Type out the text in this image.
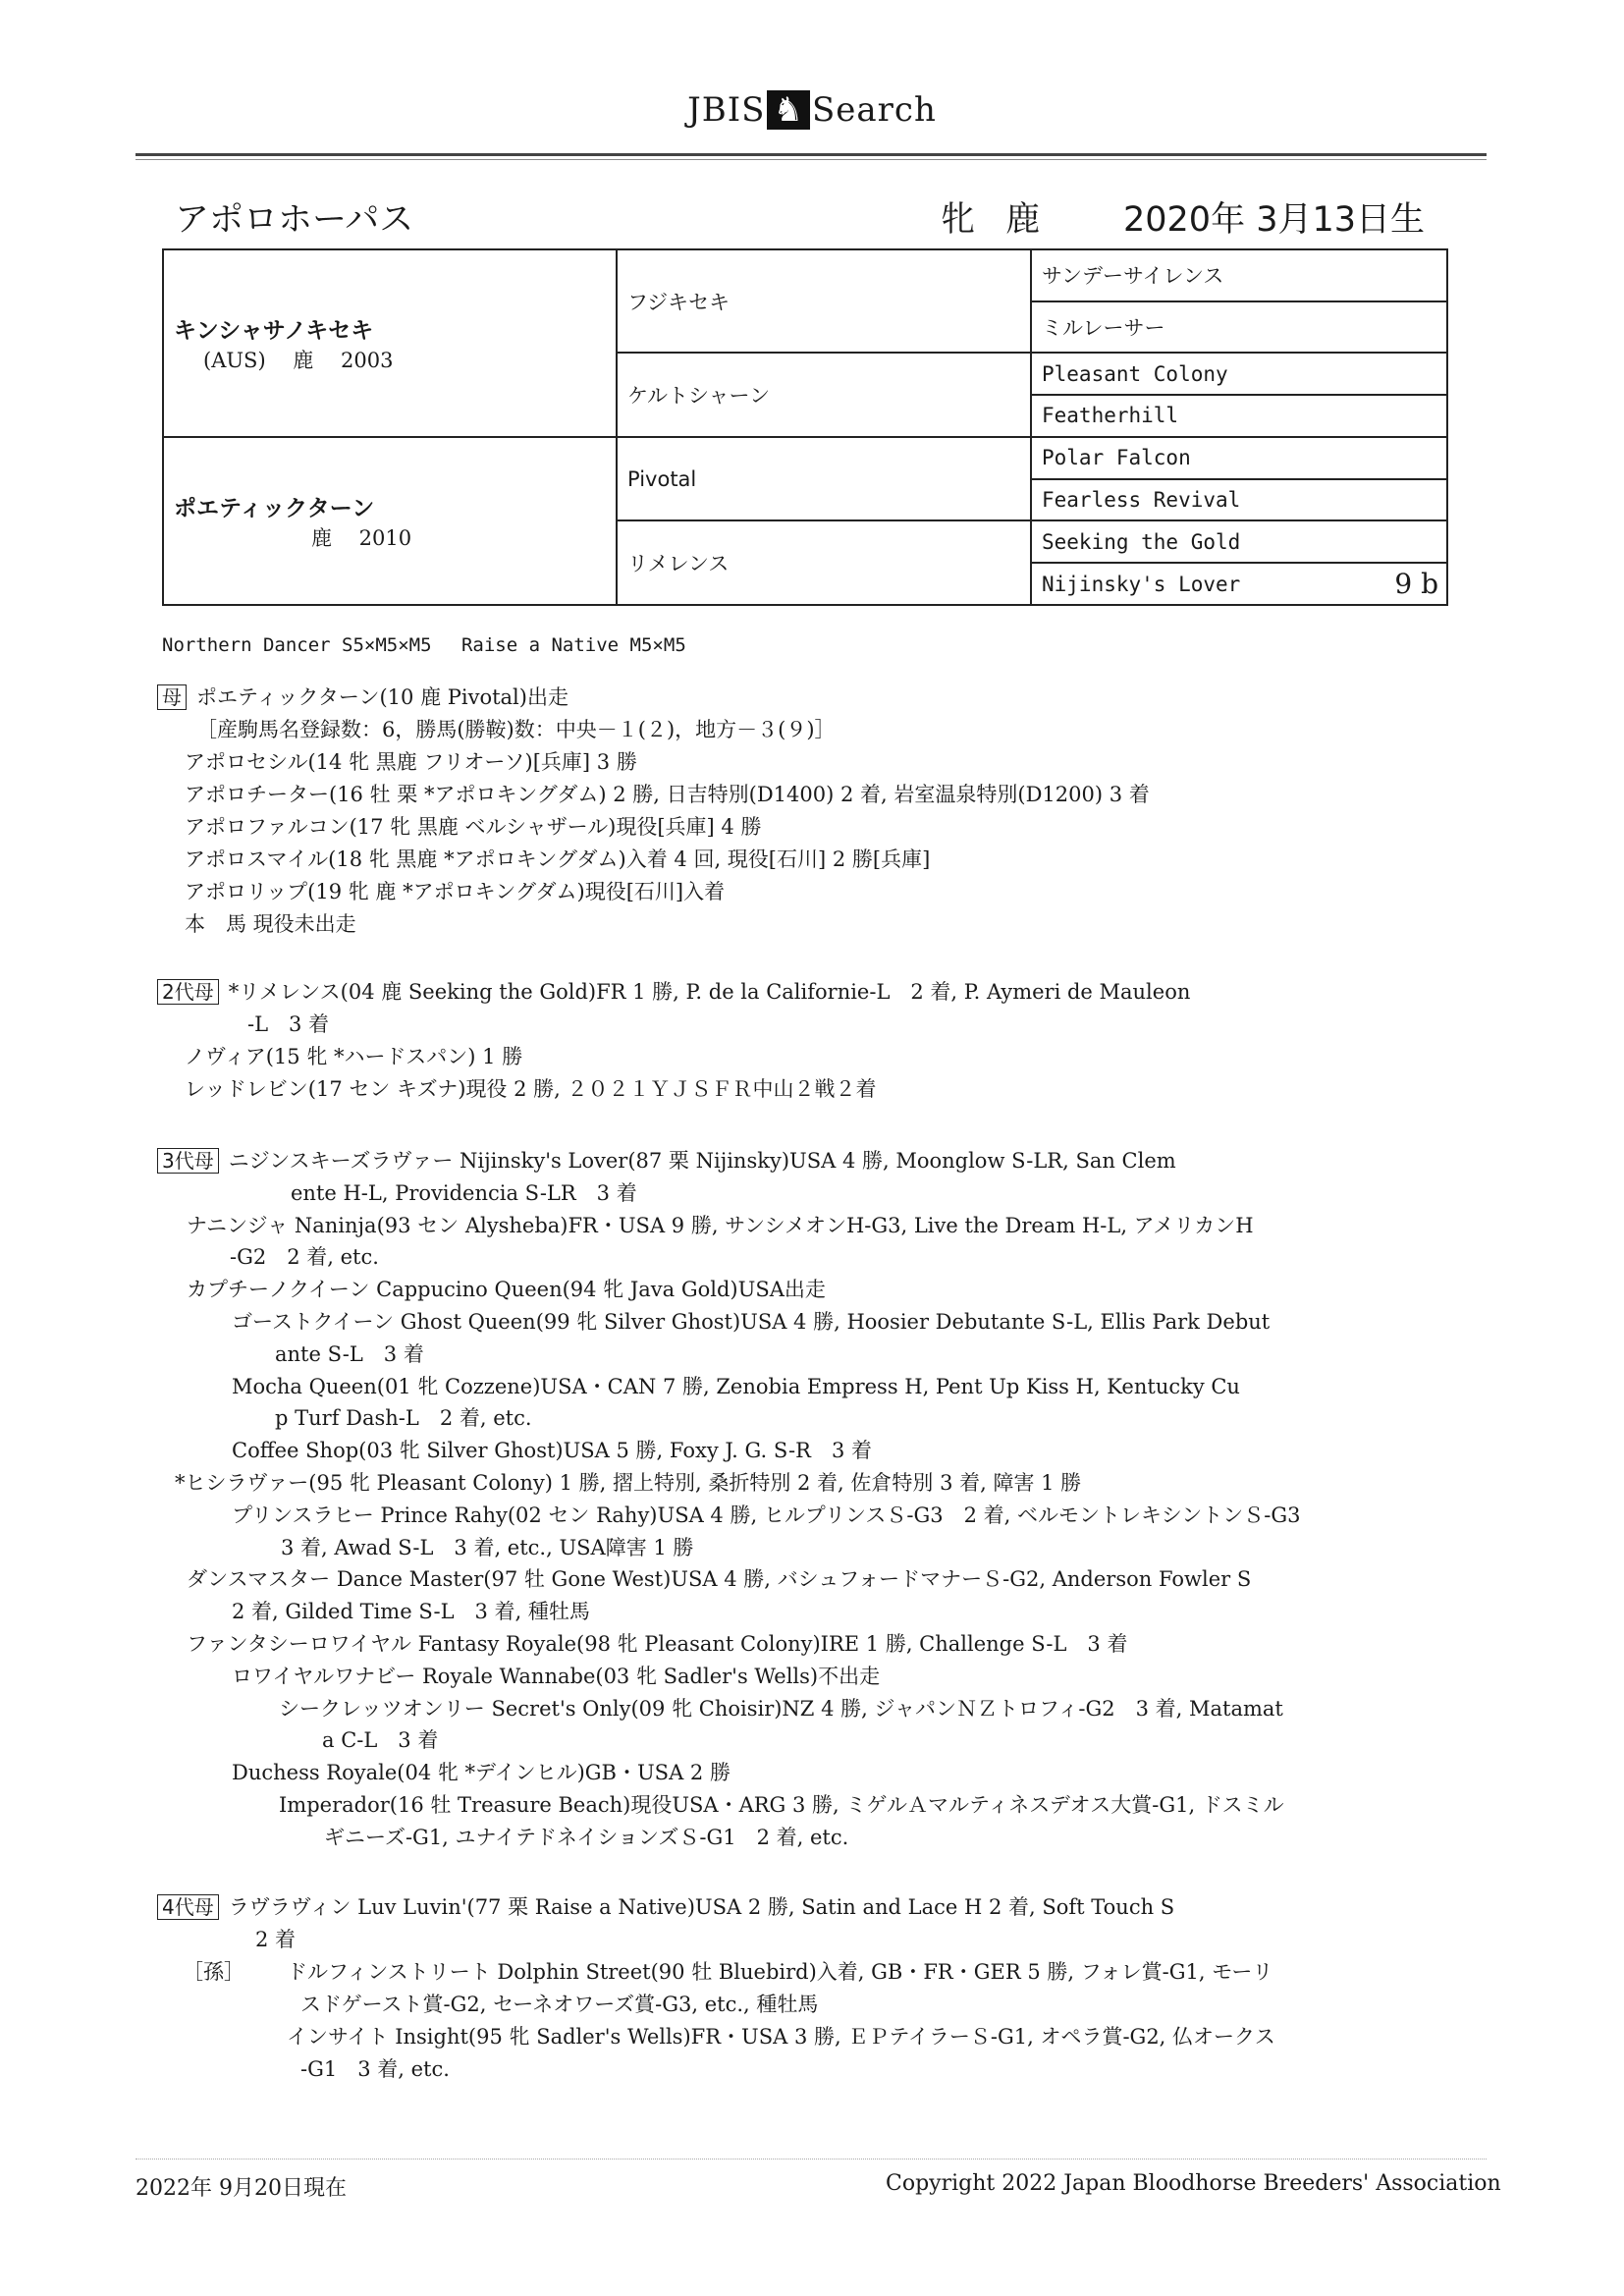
JBIS ♞ Search
アポロホーパス	牝 鹿 2020年 3月13日生
キンシャサノキセキ
(AUS)　 鹿　 2003	フジキセキ	サンデーサイレンス
		ミルレーサー
	ケルトシャーン	Pleasant Colony
		Featherhill

ポエティックターン
鹿　 2010	Pivotal	Polar Falcon
		Fearless Revival
	リメレンス	Seeking the Gold
		Nijinsky's Lover 9 b
Northern Dancer S5×M5×M5　 Raise a Native M5×M5
母 ポエティックターン(10 鹿 Pivotal)出走
［産駒馬名登録数：6，勝馬(勝鞍)数：中央－１(２)，地方－３(９)］
アポロセシル(14 牝 黒鹿 フリオーソ)[兵庫] 3 勝
アポロチーター(16 牡 栗 *アポロキングダム) 2 勝, 日吉特別(D1400) 2 着, 岩室温泉特別(D1200) 3 着
アポロファルコン(17 牝 黒鹿 ベルシャザール)現役[兵庫] 4 勝
アポロスマイル(18 牝 黒鹿 *アポロキングダム)入着 4 回, 現役[石川] 2 勝[兵庫]
アポロリップ(19 牝 鹿 *アポロキングダム)現役[石川]入着
本　馬 現役未出走
2代母 *リメレンス(04 鹿 Seeking the Gold)FR 1 勝, P. de la Californie-L　2 着, P. Aymeri de Mauleon
-L　3 着
ノヴィア(15 牝 *ハードスパン) 1 勝
レッドレビン(17 セン キズナ)現役 2 勝, ２０２１ＹＪＳＦＲ中山２戦２着
3代母 ニジンスキーズラヴァー Nijinsky's Lover(87 栗 Nijinsky)USA 4 勝, Moonglow S-LR, San Clem
ente H-L, Providencia S-LR　3 着
ナニンジャ Naninja(93 セン Alysheba)FR・USA 9 勝, サンシメオンH-G3, Live the Dream H-L, アメリカンH
-G2　2 着, etc.
カプチーノクイーン Cappucino Queen(94 牝 Java Gold)USA出走
ゴーストクイーン Ghost Queen(99 牝 Silver Ghost)USA 4 勝, Hoosier Debutante S-L, Ellis Park Debut
ante S-L　3 着
Mocha Queen(01 牝 Cozzene)USA・CAN 7 勝, Zenobia Empress H, Pent Up Kiss H, Kentucky Cu
p Turf Dash-L　2 着, etc.
Coffee Shop(03 牝 Silver Ghost)USA 5 勝, Foxy J. G. S-R　3 着
*ヒシラヴァー(95 牝 Pleasant Colony) 1 勝, 摺上特別, 桑折特別 2 着, 佐倉特別 3 着, 障害 1 勝
プリンスラヒー Prince Rahy(02 セン Rahy)USA 4 勝, ヒルプリンスＳ-G3　2 着, ベルモントレキシントンＳ-G3
3 着, Awad S-L　3 着, etc., USA障害 1 勝
ダンスマスター Dance Master(97 牡 Gone West)USA 4 勝, バシュフォードマナーＳ-G2, Anderson Fowler S
2 着, Gilded Time S-L　3 着, 種牡馬
ファンタシーロワイヤル Fantasy Royale(98 牝 Pleasant Colony)IRE 1 勝, Challenge S-L　3 着
ロワイヤルワナビー Royale Wannabe(03 牝 Sadler's Wells)不出走
シークレッツオンリー Secret's Only(09 牝 Choisir)NZ 4 勝, ジャパンＮＺトロフィ-G2　3 着, Matamat
a C-L　3 着
Duchess Royale(04 牝 *デインヒル)GB・USA 2 勝
Imperador(16 牡 Treasure Beach)現役USA・ARG 3 勝, ミゲルＡマルティネスデオス大賞-G1, ドスミル
ギニーズ-G1, ユナイテドネイションズＳ-G1　2 着, etc.
4代母 ラヴラヴィン Luv Luvin'(77 栗 Raise a Native)USA 2 勝, Satin and Lace H 2 着, Soft Touch S
2 着
［孫］ ドルフィンストリート Dolphin Street(90 牡 Bluebird)入着, GB・FR・GER 5 勝, フォレ賞-G1, モーリ
スドゲースト賞-G2, セーネオワーズ賞-G3, etc., 種牡馬
インサイト Insight(95 牝 Sadler's Wells)FR・USA 3 勝, ＥＰテイラーＳ-G1, オペラ賞-G2, 仏オークス
-G1　3 着, etc.
2022年 9月20日現在	Copyright 2022 Japan Bloodhorse Breeders' Association
